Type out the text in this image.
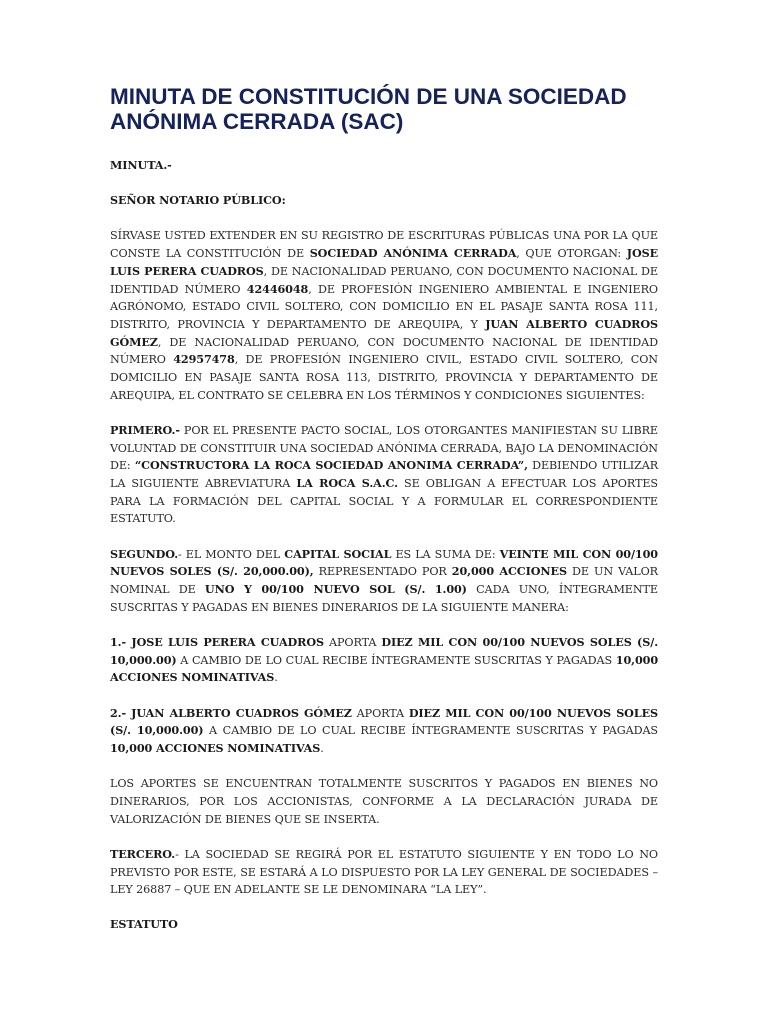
MINUTA DE CONSTITUCIÓN DE UNA SOCIEDAD
ANÓNIMA CERRADA (SAC)

MINUTA.-

SEÑOR NOTARIO PÚBLICO:

SÍRVASE USTED EXTENDER EN SU REGISTRO DE ESCRITURAS PÚBLICAS UNA POR LA QUE CONSTE LA CONSTITUCIÓN DE SOCIEDAD ANÓNIMA CERRADA, QUE OTORGAN: JOSE LUIS PERERA CUADROS, DE NACIONALIDAD PERUANO, CON DOCUMENTO NACIONAL DE IDENTIDAD NÚMERO 42446048, DE PROFESIÓN INGENIERO AMBIENTAL E INGENIERO AGRÓNOMO, ESTADO CIVIL SOLTERO, CON DOMICILIO EN EL PASAJE SANTA ROSA 111, DISTRITO, PROVINCIA Y DEPARTAMENTO DE AREQUIPA, Y JUAN ALBERTO CUADROS GÓMEZ, DE NACIONALIDAD PERUANO, CON DOCUMENTO NACIONAL DE IDENTIDAD NÚMERO 42957478, DE PROFESIÓN INGENIERO CIVIL, ESTADO CIVIL SOLTERO, CON DOMICILIO EN PASAJE SANTA ROSA 113, DISTRITO, PROVINCIA Y DEPARTAMENTO DE AREQUIPA, EL CONTRATO SE CELEBRA EN LOS TÉRMINOS Y CONDICIONES SIGUIENTES:

PRIMERO.- POR EL PRESENTE PACTO SOCIAL, LOS OTORGANTES MANIFIESTAN SU LIBRE VOLUNTAD DE CONSTITUIR UNA SOCIEDAD ANÓNIMA CERRADA, BAJO LA DENOMINACIÓN DE: “CONSTRUCTORA LA ROCA SOCIEDAD ANONIMA CERRADA”, DEBIENDO UTILIZAR LA SIGUIENTE ABREVIATURA LA ROCA S.A.C. SE OBLIGAN A EFECTUAR LOS APORTES PARA LA FORMACIÓN DEL CAPITAL SOCIAL Y A FORMULAR EL CORRESPONDIENTE ESTATUTO.

SEGUNDO.- EL MONTO DEL CAPITAL SOCIAL ES LA SUMA DE: VEINTE MIL CON 00/100 NUEVOS SOLES (S/. 20,000.00), REPRESENTADO POR 20,000 ACCIONES DE UN VALOR NOMINAL DE UNO Y 00/100 NUEVO SOL (S/. 1.00) CADA UNO, ÍNTEGRAMENTE SUSCRITAS Y PAGADAS EN BIENES DINERARIOS DE LA SIGUIENTE MANERA:

1.- JOSE LUIS PERERA CUADROS APORTA DIEZ MIL CON 00/100 NUEVOS SOLES (S/. 10,000.00) A CAMBIO DE LO CUAL RECIBE ÍNTEGRAMENTE SUSCRITAS Y PAGADAS 10,000 ACCIONES NOMINATIVAS.

2.- JUAN ALBERTO CUADROS GÓMEZ APORTA DIEZ MIL CON 00/100 NUEVOS SOLES (S/. 10,000.00) A CAMBIO DE LO CUAL RECIBE ÍNTEGRAMENTE SUSCRITAS Y PAGADAS 10,000 ACCIONES NOMINATIVAS.

LOS APORTES SE ENCUENTRAN TOTALMENTE SUSCRITOS Y PAGADOS EN BIENES NO DINERARIOS, POR LOS ACCIONISTAS, CONFORME A LA DECLARACIÓN JURADA DE VALORIZACIÓN DE BIENES QUE SE INSERTA.

TERCERO.- LA SOCIEDAD SE REGIRÁ POR EL ESTATUTO SIGUIENTE Y EN TODO LO NO PREVISTO POR ESTE, SE ESTARÁ A LO DISPUESTO POR LA LEY GENERAL DE SOCIEDADES – LEY 26887 – QUE EN ADELANTE SE LE DENOMINARA “LA LEY”.

ESTATUTO
